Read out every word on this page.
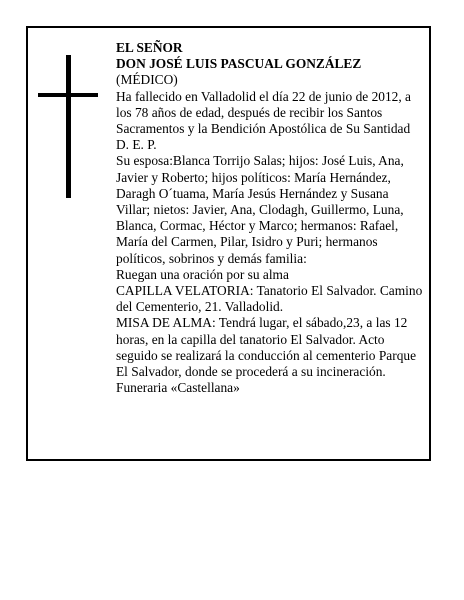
EL SEÑOR

DON JOSÉ LUIS PASCUAL GONZÁLEZ

(MÉDICO)

Ha fallecido en Valladolid el día 22 de junio de 2012, a los 78 años de edad, después de recibir los Santos Sacramentos y la Bendición Apostólica de Su Santidad D. E. P.

Su esposa:Blanca Torrijo Salas; hijos: José Luis, Ana, Javier y Roberto; hijos políticos: María Hernández, Daragh O´tuama, María Jesús Hernández y Susana Villar; nietos: Javier, Ana, Clodagh, Guillermo, Luna, Blanca, Cormac, Héctor y Marco; hermanos: Rafael, María del Carmen, Pilar, Isidro y Puri; hermanos políticos, sobrinos y demás familia:

Ruegan una oración por su alma

CAPILLA VELATORIA: Tanatorio El Salvador. Camino del Cementerio, 21. Valladolid.

MISA DE ALMA: Tendrá lugar, el sábado,23, a las 12 horas, en la capilla del tanatorio El Salvador. Acto seguido se realizará la conducción al cementerio Parque El Salvador, donde se procederá a su incineración.

Funeraria «Castellana»
